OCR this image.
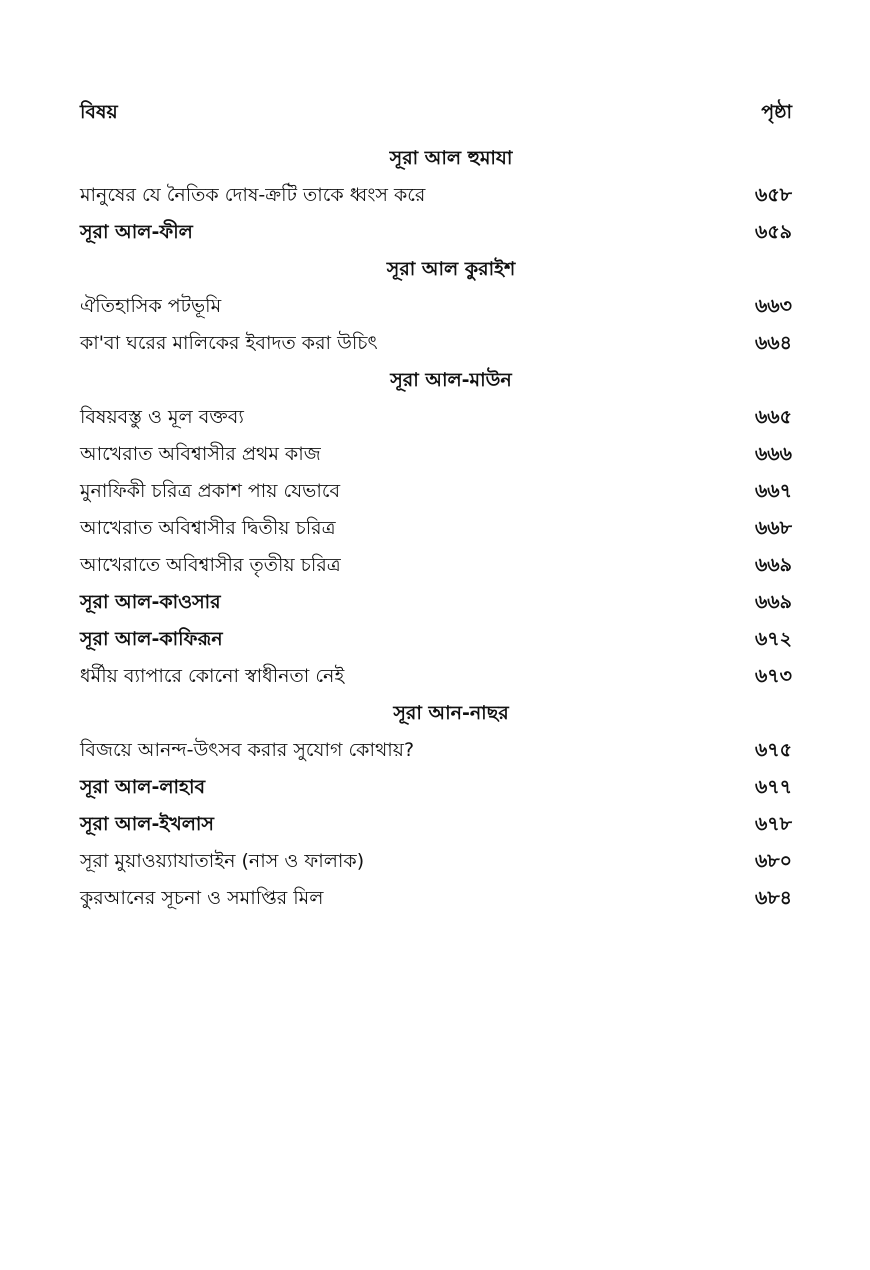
বিষয়	পৃষ্ঠা
সূরা আল হুমাযা
মানুষের যে নৈতিক দোষ-ক্রটি তাকে ধ্বংস করে	৬৫৮
সূরা আল-ফীল	৬৫৯
সূরা আল কুরাইশ
ঐতিহাসিক পটভূমি	৬৬৩
কা'বা ঘরের মালিকের ইবাদত করা উচিৎ	৬৬৪
সূরা আল-মাউন
বিষয়বস্তু ও মূল বক্তব্য	৬৬৫
আখেরাত অবিশ্বাসীর প্রথম কাজ	৬৬৬
মুনাফিকী চরিত্র প্রকাশ পায় যেভাবে	৬৬৭
আখেরাত অবিশ্বাসীর দ্বিতীয় চরিত্র	৬৬৮
আখেরাতে অবিশ্বাসীর তৃতীয় চরিত্র	৬৬৯
সূরা আল-কাওসার	৬৬৯
সূরা আল-কাফিরূন	৬৭২
ধর্মীয় ব্যাপারে কোনো স্বাধীনতা নেই	৬৭৩
সূরা আন-নাছর
বিজয়ে আনন্দ-উৎসব করার সুযোগ কোথায়?	৬৭৫
সূরা আল-লাহাব	৬৭৭
সূরা আল-ইখলাস	৬৭৮
সূরা মুয়াওয়্যাযাতাইন (নাস ও ফালাক)	৬৮০
কুরআনের সূচনা ও সমাপ্তির মিল	৬৮৪
